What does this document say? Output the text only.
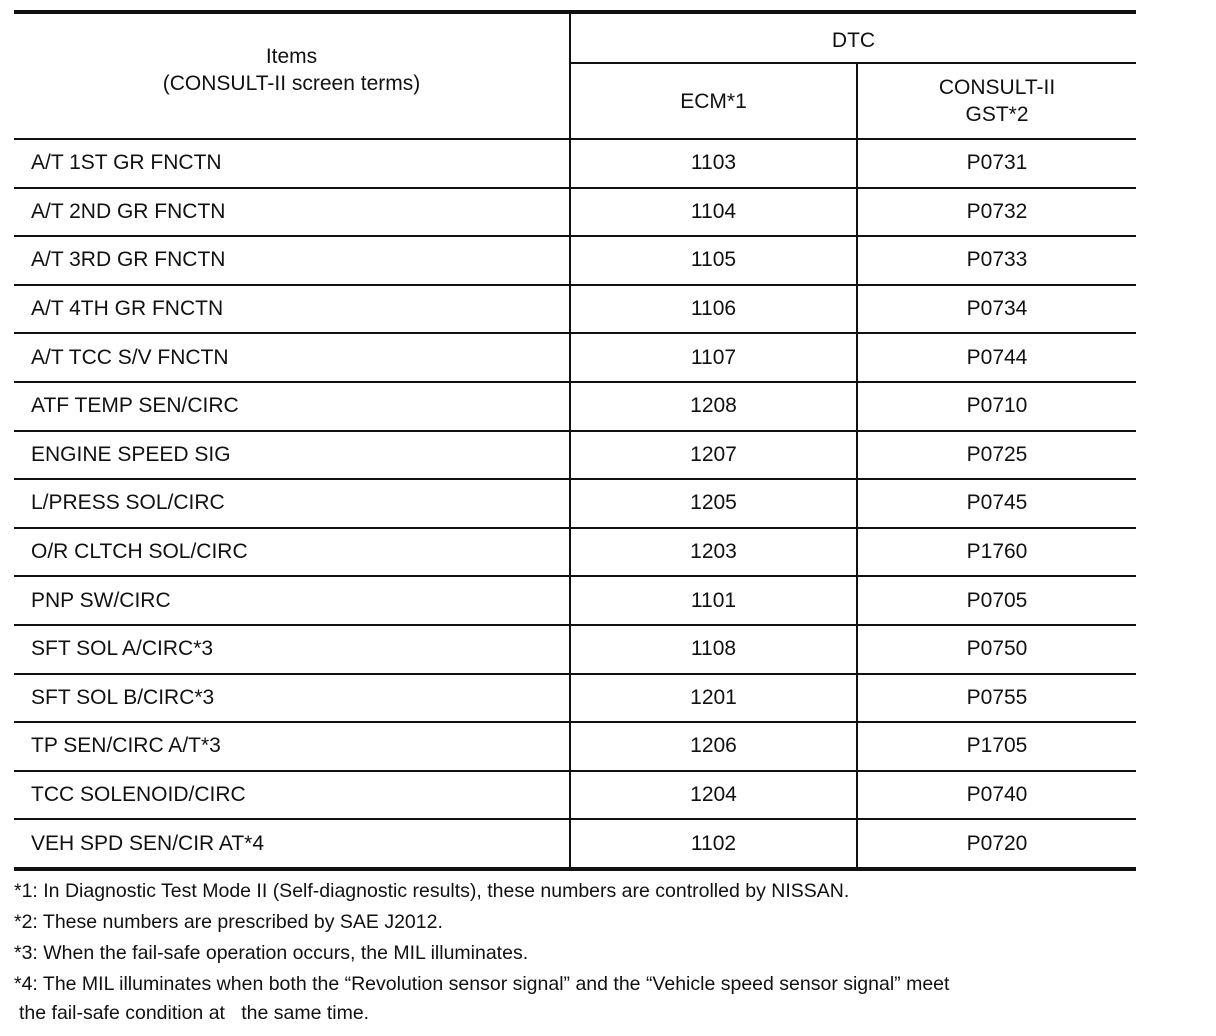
Items
(CONSULT-II screen terms)	DTC	

	ECM*1	CONSULT-II
GST*2

A/T 1ST GR FNCTN	1103	P0731
A/T 2ND GR FNCTN	1104	P0732
A/T 3RD GR FNCTN	1105	P0733
A/T 4TH GR FNCTN	1106	P0734
A/T TCC S/V FNCTN	1107	P0744
ATF TEMP SEN/CIRC	1208	P0710
ENGINE SPEED SIG	1207	P0725
L/PRESS SOL/CIRC	1205	P0745
O/R CLTCH SOL/CIRC	1203	P1760
PNP SW/CIRC	1101	P0705
SFT SOL A/CIRC*3	1108	P0750
SFT SOL B/CIRC*3	1201	P0755
TP SEN/CIRC A/T*3	1206	P1705
TCC SOLENOID/CIRC	1204	P0740
VEH SPD SEN/CIR AT*4	1102	P0720

*1: In Diagnostic Test Mode II (Self-diagnostic results), these numbers are controlled by NISSAN.

*2: These numbers are prescribed by SAE J2012.

*3: When the fail-safe operation occurs, the MIL illuminates.

*4: The MIL illuminates when both the “Revolution sensor signal” and the “Vehicle speed sensor signal” meet

the fail-safe condition at   the same time.
